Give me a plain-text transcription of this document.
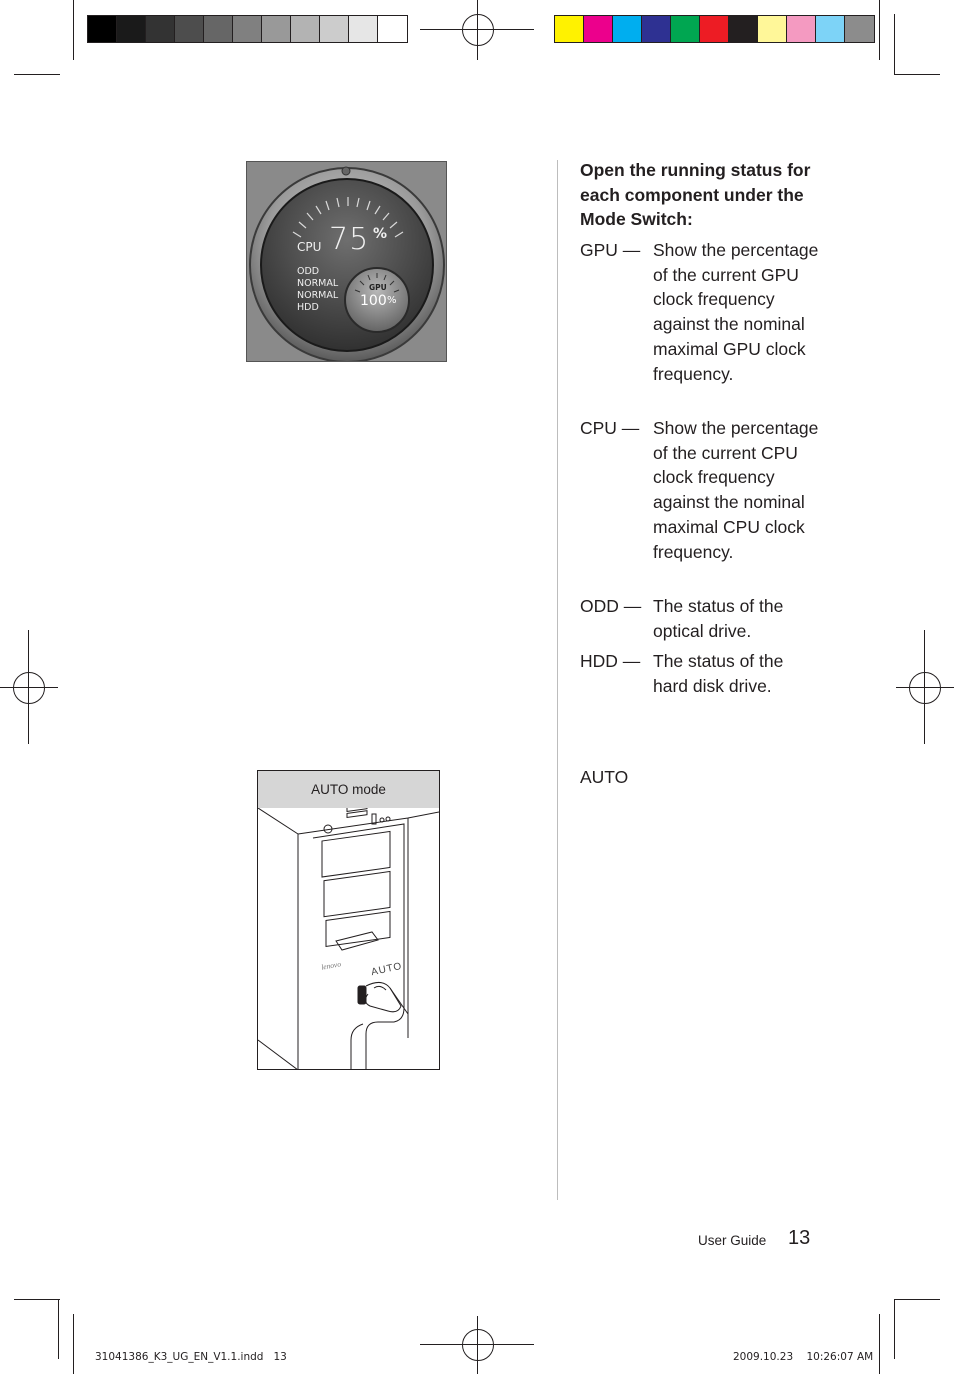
CPU 75 %
ODD
NORMAL
NORMAL
HDD
GPU
100 %
AUTO mode
AUTO
lenovo
Open the running status for each component under the Mode Switch:
GPU — Show the percentage of the current GPU clock frequency against the nominal maximal GPU clock frequency.
CPU — Show the percentage of the current CPU clock frequency against the nominal maximal CPU clock frequency.
ODD — The status of the optical drive.
HDD — The status of the hard disk drive.
AUTO
User Guide 13
31041386_K3_UG_EN_V1.1.indd   13	2009.10.23    10:26:07 AM
